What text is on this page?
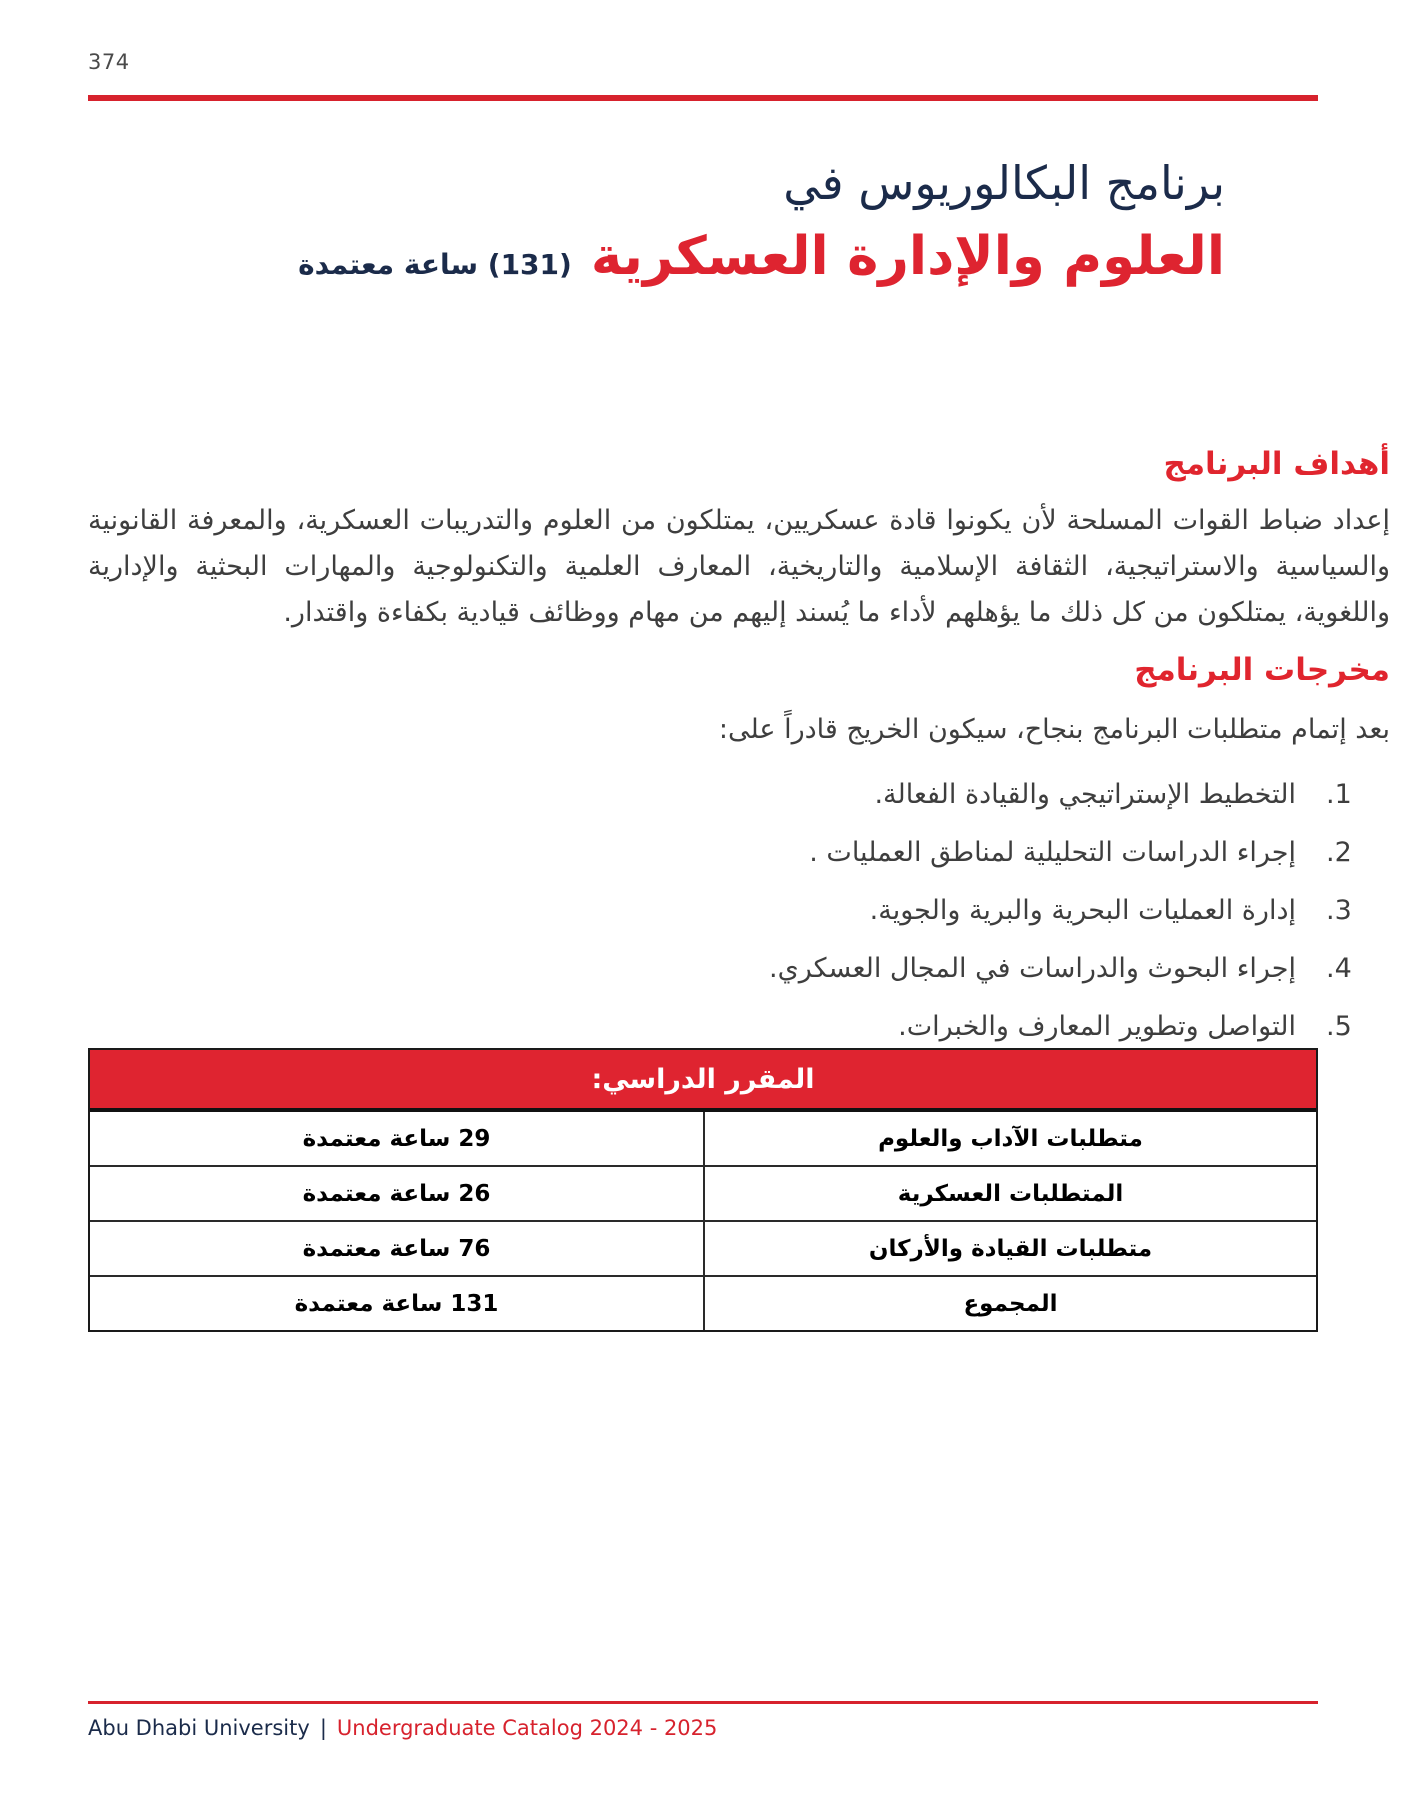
374
برنامج البكالوريوس في
العلوم والإدارة العسكرية (131) ساعة معتمدة
أهداف البرنامج
إعداد ضباط القوات المسلحة لأن يكونوا قادة عسكريين، يمتلكون من العلوم والتدريبات العسكرية، والمعرفة القانونية والسياسية والاستراتيجية، الثقافة الإسلامية والتاريخية، المعارف العلمية والتكنولوجية والمهارات البحثية والإدارية واللغوية، يمتلكون من كل ذلك ما يؤهلهم لأداء ما يُسند إليهم من مهام ووظائف قيادية بكفاءة واقتدار.
مخرجات البرنامج
بعد إتمام متطلبات البرنامج بنجاح، سيكون الخريج قادراً على:
1.
التخطيط الإستراتيجي والقيادة الفعالة.
2.
إجراء الدراسات التحليلية لمناطق العمليات .
3.
إدارة العمليات البحرية والبرية والجوية.
4.
إجراء البحوث والدراسات في المجال العسكري.
5.
التواصل وتطوير المعارف والخبرات.
المقرر الدراسي:
متطلبات الآداب والعلوم
29 ساعة معتمدة
المتطلبات العسكرية
26 ساعة معتمدة
متطلبات القيادة والأركان
76 ساعة معتمدة
المجموع
131 ساعة معتمدة
Abu Dhabi University | Undergraduate Catalog 2024 - 2025
